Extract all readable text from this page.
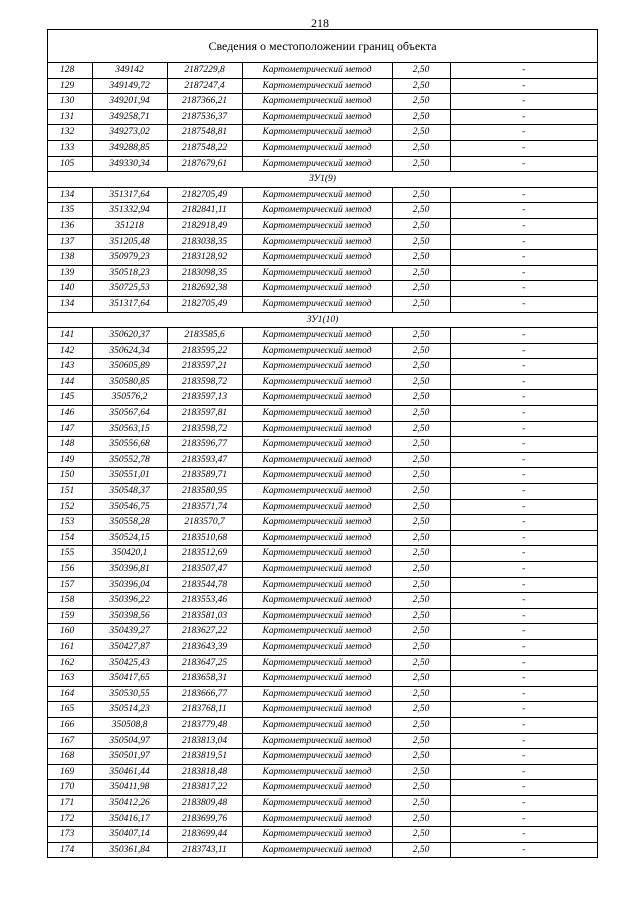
218
Сведения о местоположении границ объекта
128	349142	2187229,8	Картометрический метод	2,50	-
129	349149,72	2187247,4	Картометрический метод	2,50	-
130	349201,94	2187366,21	Картометрический метод	2,50	-
131	349258,71	2187536,37	Картометрический метод	2,50	-
132	349273,02	2187548,81	Картометрический метод	2,50	-
133	349288,85	2187548,22	Картометрический метод	2,50	-
105	349330,34	2187679,61	Картометрический метод	2,50	-
ЗУ1(9)					
134	351317,64	2182705,49	Картометрический метод	2,50	-
135	351332,94	2182841,11	Картометрический метод	2,50	-
136	351218	2182918,49	Картометрический метод	2,50	-
137	351205,48	2183038,35	Картометрический метод	2,50	-
138	350979,23	2183128,92	Картометрический метод	2,50	-
139	350518,23	2183098,35	Картометрический метод	2,50	-
140	350725,53	2182692,38	Картометрический метод	2,50	-
134	351317,64	2182705,49	Картометрический метод	2,50	-
ЗУ1(10)					
141	350620,37	2183585,6	Картометрический метод	2,50	-
142	350624,34	2183595,22	Картометрический метод	2,50	-
143	350605,89	2183597,21	Картометрический метод	2,50	-
144	350580,85	2183598,72	Картометрический метод	2,50	-
145	350576,2	2183597,13	Картометрический метод	2,50	-
146	350567,64	2183597,81	Картометрический метод	2,50	-
147	350563,15	2183598,72	Картометрический метод	2,50	-
148	350556,68	2183596,77	Картометрический метод	2,50	-
149	350552,78	2183593,47	Картометрический метод	2,50	-
150	350551,01	2183589,71	Картометрический метод	2,50	-
151	350548,37	2183580,95	Картометрический метод	2,50	-
152	350546,75	2183571,74	Картометрический метод	2,50	-
153	350558,28	2183570,7	Картометрический метод	2,50	-
154	350524,15	2183510,68	Картометрический метод	2,50	-
155	350420,1	2183512,69	Картометрический метод	2,50	-
156	350396,81	2183507,47	Картометрический метод	2,50	-
157	350396,04	2183544,78	Картометрический метод	2,50	-
158	350396,22	2183553,46	Картометрический метод	2,50	-
159	350398,56	2183581,03	Картометрический метод	2,50	-
160	350439,27	2183627,22	Картометрический метод	2,50	-
161	350427,87	2183643,39	Картометрический метод	2,50	-
162	350425,43	2183647,25	Картометрический метод	2,50	-
163	350417,65	2183658,31	Картометрический метод	2,50	-
164	350530,55	2183666,77	Картометрический метод	2,50	-
165	350514,23	2183768,11	Картометрический метод	2,50	-
166	350508,8	2183779,48	Картометрический метод	2,50	-
167	350504,97	2183813,04	Картометрический метод	2,50	-
168	350501,97	2183819,51	Картометрический метод	2,50	-
169	350461,44	2183818,48	Картометрический метод	2,50	-
170	350411,98	2183817,22	Картометрический метод	2,50	-
171	350412,26	2183809,48	Картометрический метод	2,50	-
172	350416,17	2183699,76	Картометрический метод	2,50	-
173	350407,14	2183699,44	Картометрический метод	2,50	-
174	350361,84	2183743,11	Картометрический метод	2,50	-
